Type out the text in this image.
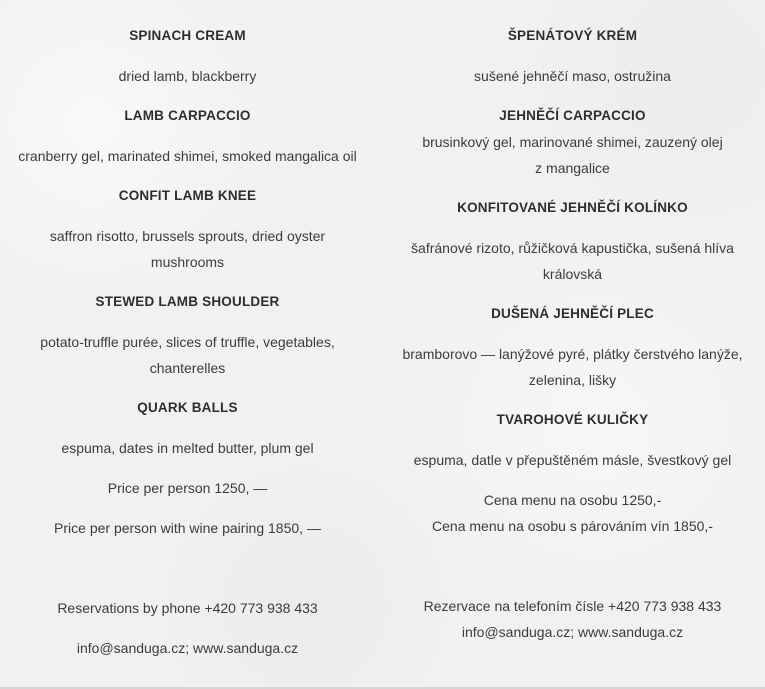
SPINACH CREAM
dried lamb, blackberry
LAMB CARPACCIO
cranberry gel, marinated shimei, smoked mangalica oil
CONFIT LAMB KNEE
saffron risotto, brussels sprouts, dried oyster
mushrooms
STEWED LAMB SHOULDER
potato-truffle purée, slices of truffle, vegetables,
chanterelles
QUARK BALLS
espuma, dates in melted butter, plum gel
Price per person 1250, —
Price per person with wine pairing 1850, —
Reservations by phone +420 773 938 433
info@sanduga.cz; www.sanduga.cz
ŠPENÁTOVÝ KRÉM
sušené jehněčí maso, ostružina
JEHNĚČÍ CARPACCIO
brusinkový gel, marinované shimei, zauzený olej
z mangalice
KONFITOVANÉ JEHNĚČÍ KOLÍNKO
šafránové rizoto, růžičková kapustička, sušená hlíva
královská
DUŠENÁ JEHNĚČÍ PLEC
bramborovo — lanýžové pyré, plátky čerstvého lanýže,
zelenina, lišky
TVAROHOVÉ KULIČKY
espuma, datle v přepuštěném másle, švestkový gel
Cena menu na osobu 1250,-
Cena menu na osobu s párováním vín 1850,-
Rezervace na telefoním čísle +420 773 938 433
info@sanduga.cz; www.sanduga.cz
